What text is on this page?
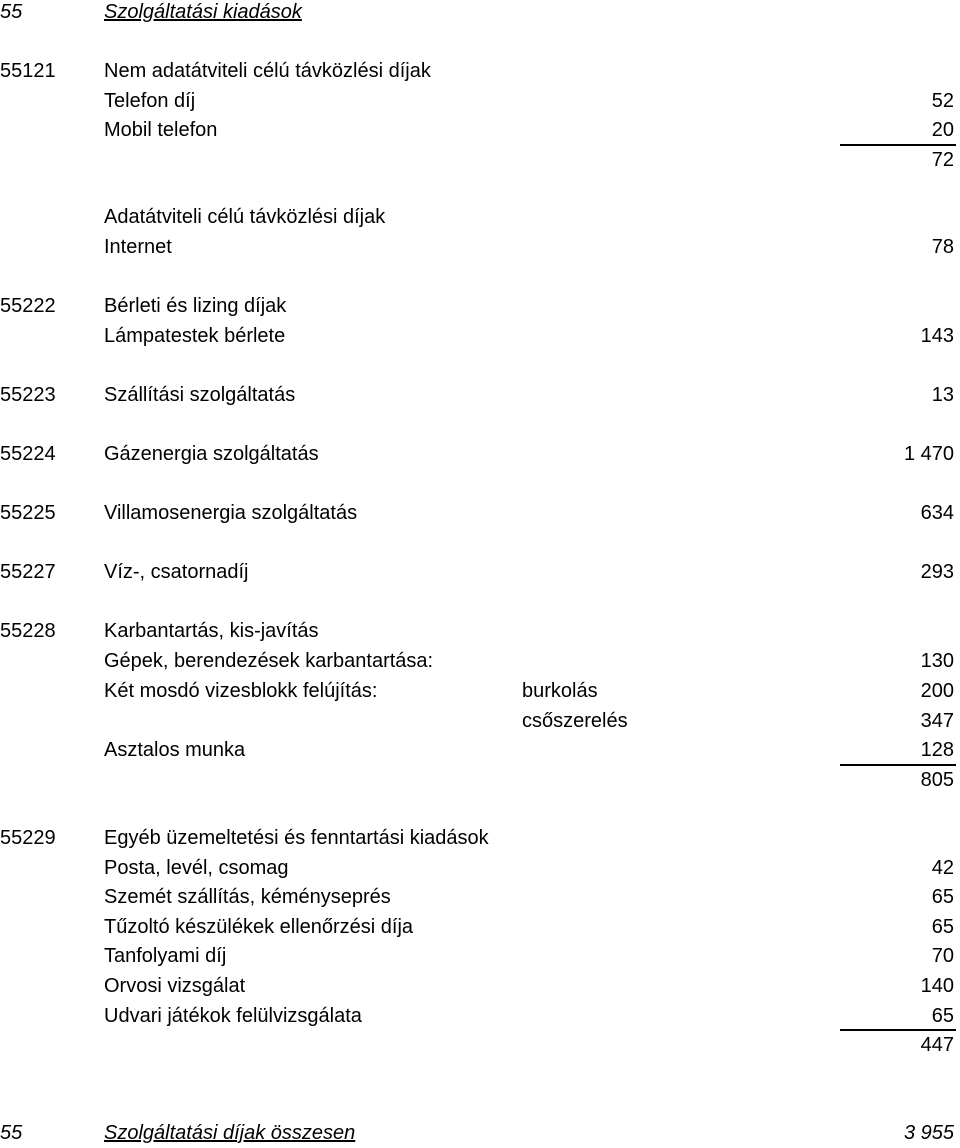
55	Szolgáltatási kiadások
55121 Nem adatátviteli célú távközlési díjak
Telefon díj	52
Mobil telefon	20
72
Adatátviteli célú távközlési díjak
Internet	78
55222 Bérleti és lizing díjak
Lámpatestek bérlete	143
55223 Szállítási szolgáltatás	13
55224 Gázenergia szolgáltatás	1 470
55225 Villamosenergia szolgáltatás	634
55227 Víz-, csatornadíj	293
55228 Karbantartás, kis-javítás
Gépek, berendezések karbantartása:	130
Két mosdó vizesblokk felújítás:	burkolás	200
csőszerelés	347
Asztalos munka	128
805
55229 Egyéb üzemeltetési és fenntartási kiadások
Posta, levél, csomag	42
Szemét szállítás, kéményseprés	65
Tűzoltó készülékek ellenőrzési díja	65
Tanfolyami díj	70
Orvosi vizsgálat	140
Udvari játékok felülvizsgálata	65
447
55	Szolgáltatási díjak összesen	3 955
